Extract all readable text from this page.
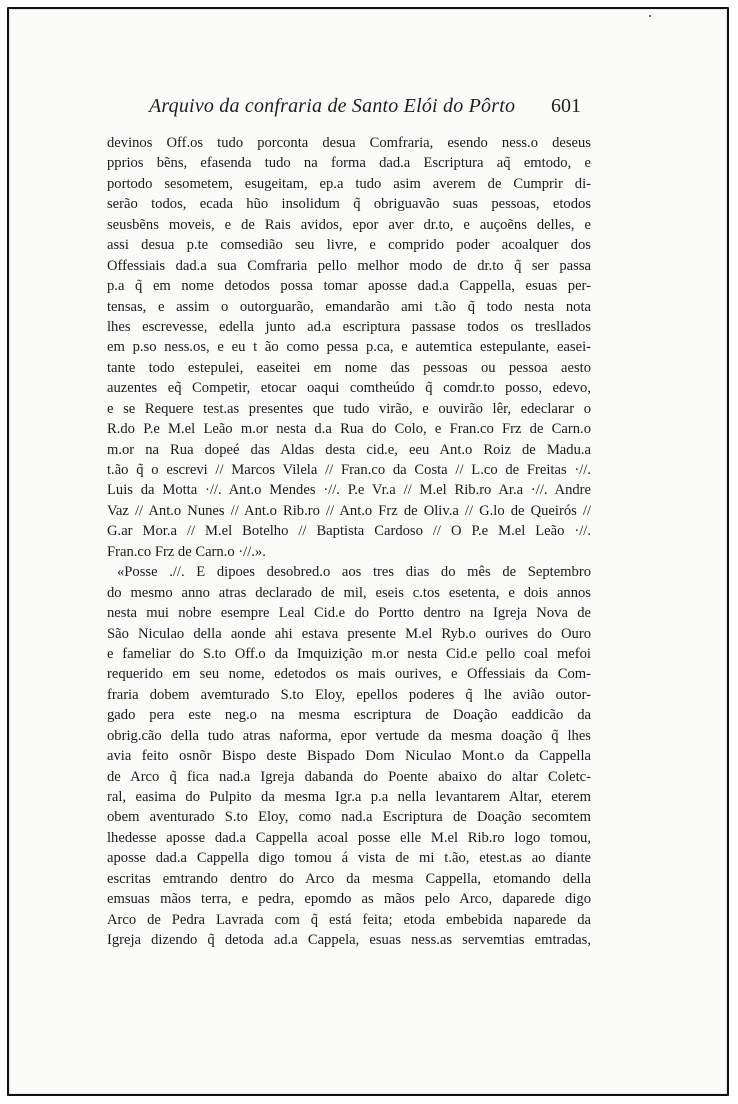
Arquivo da confraria de Santo Elói do Pôrto 601
devinos Off.os tudo porconta desua Comfraria, esendo ness.o deseus
pprios bẽns, efasenda tudo na forma dad.a Escriptura aq̃ emtodo, e
portodo sesometem, esugeitam, ep.a tudo asim averem de Cumprir di-
serão todos, ecada hũo insolidum q̃ obriguavão suas pessoas, etodos
seusbẽns moveis, e de Rais avidos, epor aver dr.to, e auçoẽns delles, e
assi desua p.te comsedião seu livre, e comprido poder acoalquer dos
Offessiais dad.a sua Comfraria pello melhor modo de dr.to q̃ ser passa
p.a q̃ em nome detodos possa tomar aposse dad.a Cappella, esuas per-
tensas, e assim o outorguarão, emandarão ami t.ão q̃ todo nesta nota
lhes escrevesse, edella junto ad.a escriptura passase todos os tresllados
em p.so ness.os, e eu t ão como pessa p.ca, e autemtica estepulante, easei-
tante todo estepulei, easeitei em nome das pessoas ou pessoa aesto
auzentes eq̃ Competir, etocar oaqui comtheúdo q̃ comdr.to posso, edevo,
e se Requere test.as presentes que tudo virão, e ouvirão lêr, edeclarar o
R.do P.e M.el Leão m.or nesta d.a Rua do Colo, e Fran.co Frz de Carn.o
m.or na Rua dopeé das Aldas desta cid.e, eeu Ant.o Roiz de Madu.a
t.ão q̃ o escrevi // Marcos Vilela // Fran.co da Costa // L.co de Freitas ·//.
Luis da Motta ·//. Ant.o Mendes ·//. P.e Vr.a // M.el Rib.ro Ar.a ·//. Andre
Vaz // Ant.o Nunes // Ant.o Rib.ro // Ant.o Frz de Oliv.a // G.lo de Queirós //
G.ar Mor.a // M.el Botelho // Baptista Cardoso // O P.e M.el Leão ·//.
Fran.co Frz de Carn.o ·//.».
«Posse .//. E dipoes desobred.o aos tres dias do mês de Septembro
do mesmo anno atras declarado de mil, eseis c.tos esetenta, e dois annos
nesta mui nobre esempre Leal Cid.e do Portto dentro na Igreja Nova de
São Niculao della aonde ahi estava presente M.el Ryb.o ourives do Ouro
e fameliar do S.to Off.o da Imquizição m.or nesta Cid.e pello coal mefoi
requerido em seu nome, edetodos os mais ourives, e Offessiais da Com-
fraria dobem avemturado S.to Eloy, epellos poderes q̃ lhe avião outor-
gado pera este neg.o na mesma escriptura de Doação eaddicão da
obrig.cão della tudo atras naforma, epor vertude da mesma doação q̃ lhes
avia feito osnõr Bispo deste Bispado Dom Niculao Mont.o da Cappella
de Arco q̃ fica nad.a Igreja dabanda do Poente abaixo do altar Coletc-
ral, easima do Pulpito da mesma Igr.a p.a nella levantarem Altar, eterem
obem aventurado S.to Eloy, como nad.a Escriptura de Doação secomtem
lhedesse aposse dad.a Cappella acoal posse elle M.el Rib.ro logo tomou,
aposse dad.a Cappella digo tomou á vista de mi t.ão, etest.as ao diante
escritas emtrando dentro do Arco da mesma Cappella, etomando della
emsuas mãos terra, e pedra, epomdo as mãos pelo Arco, daparede digo
Arco de Pedra Lavrada com q̃ está feita; etoda embebida naparede da
Igreja dizendo q̃ detoda ad.a Cappela, esuas ness.as servemtias emtradas,
